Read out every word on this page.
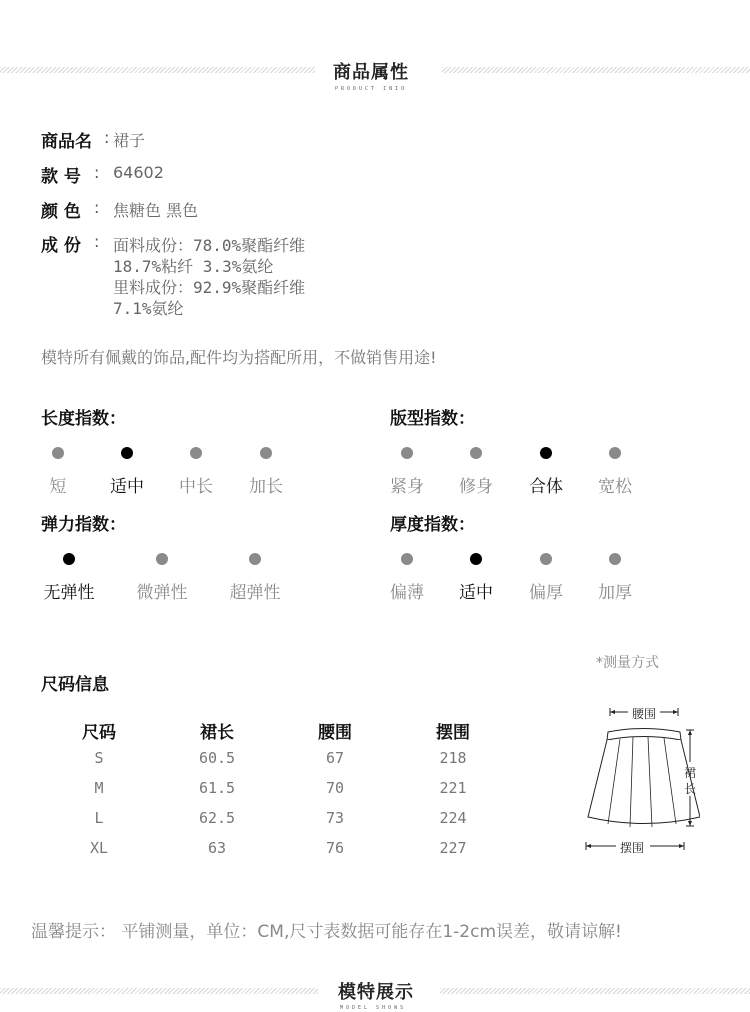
商品属性
PRODUCT INIO
商品名 : 裙子
款 号 : 64602
颜 色 : 焦糖色 黑色
成 份 : 面料成份：78.0%聚酯纤维
18.7%粘纤 3.3%氨纶
里料成份：92.9%聚酯纤维
7.1%氨纶
模特所有佩戴的饰品,配件均为搭配所用，不做销售用途!
长度指数：
短	适中	中长	加长
版型指数：
紧身	修身	合体	宽松
弹力指数：
无弹性	微弹性	超弹性
厚度指数：
偏薄	适中	偏厚	加厚
尺码信息
*测量方式
尺码	裙长	腰围	摆围
S	60.5	67	218
M	61.5	70	221
L	62.5	73	224
XL	63	76	227
腰围
裙
长
摆围
温馨提示： 平铺测量，单位：CM,尺寸表数据可能存在1-2cm误差，敬请谅解!
模特展示
MODEL SHOWS
